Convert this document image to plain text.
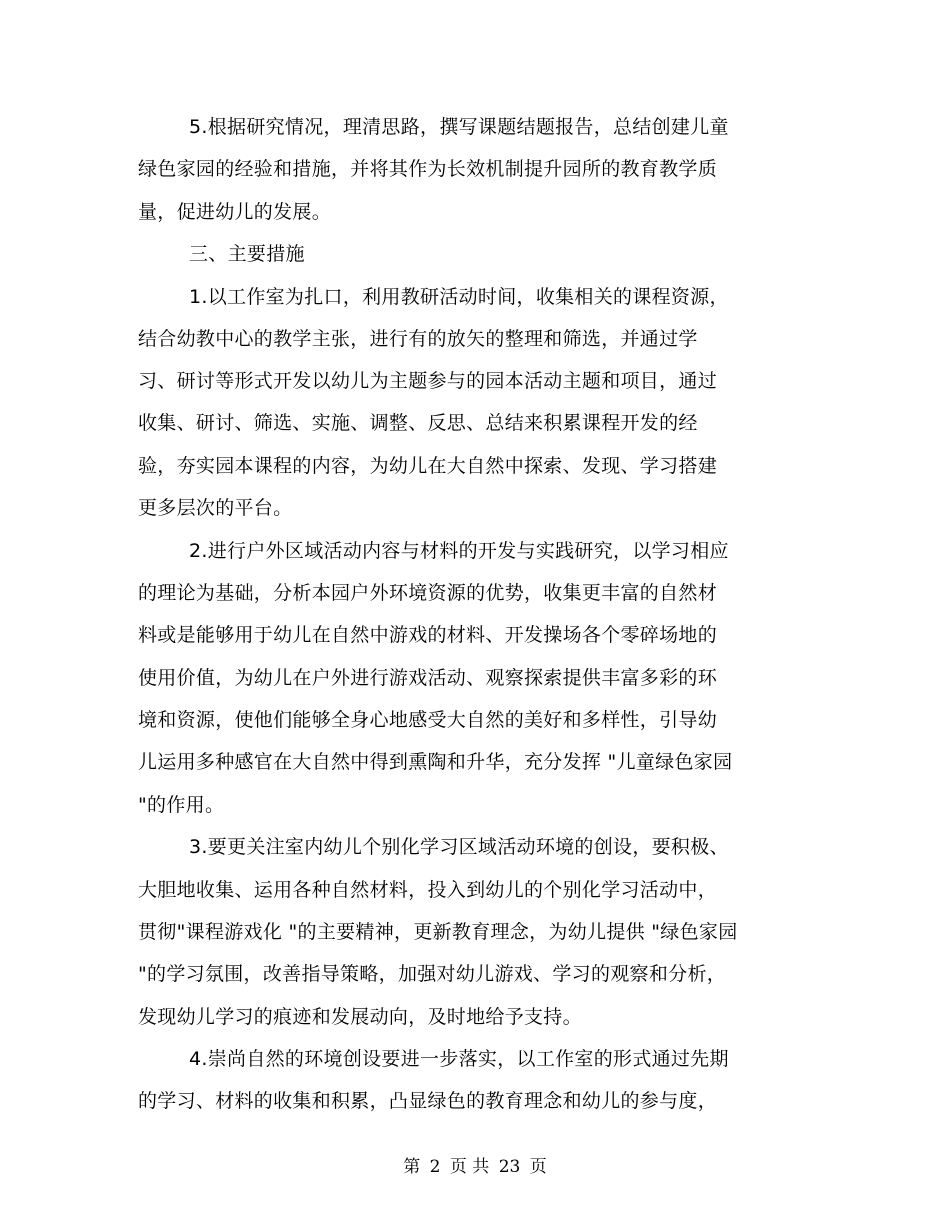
5.根据研究情况，理清思路，撰写课题结题报告，总结创建儿童

绿色家园的经验和措施，并将其作为长效机制提升园所的教育教学质

量，促进幼儿的发展。

三、主要措施

1.以工作室为扎口，利用教研活动时间，收集相关的课程资源，

结合幼教中心的教学主张，进行有的放矢的整理和筛选，并通过学

习、研讨等形式开发以幼儿为主题参与的园本活动主题和项目，通过

收集、研讨、筛选、实施、调整、反思、总结来积累课程开发的经

验，夯实园本课程的内容，为幼儿在大自然中探索、发现、学习搭建

更多层次的平台。

2.进行户外区域活动内容与材料的开发与实践研究，以学习相应

的理论为基础，分析本园户外环境资源的优势，收集更丰富的自然材

料或是能够用于幼儿在自然中游戏的材料、开发操场各个零碎场地的

使用价值，为幼儿在户外进行游戏活动、观察探索提供丰富多彩的环

境和资源，使他们能够全身心地感受大自然的美好和多样性，引导幼

儿运用多种感官在大自然中得到熏陶和升华，充分发挥 "儿童绿色家园

"的作用。

3.要更关注室内幼儿个别化学习区域活动环境的创设，要积极、

大胆地收集、运用各种自然材料，投入到幼儿的个别化学习活动中，

贯彻"课程游戏化 "的主要精神，更新教育理念，为幼儿提供 "绿色家园

"的学习氛围，改善指导策略，加强对幼儿游戏、学习的观察和分析，

发现幼儿学习的痕迹和发展动向，及时地给予支持。

4.崇尚自然的环境创设要进一步落实，以工作室的形式通过先期

的学习、材料的收集和积累，凸显绿色的教育理念和幼儿的参与度，

第 2 页 共 23 页
